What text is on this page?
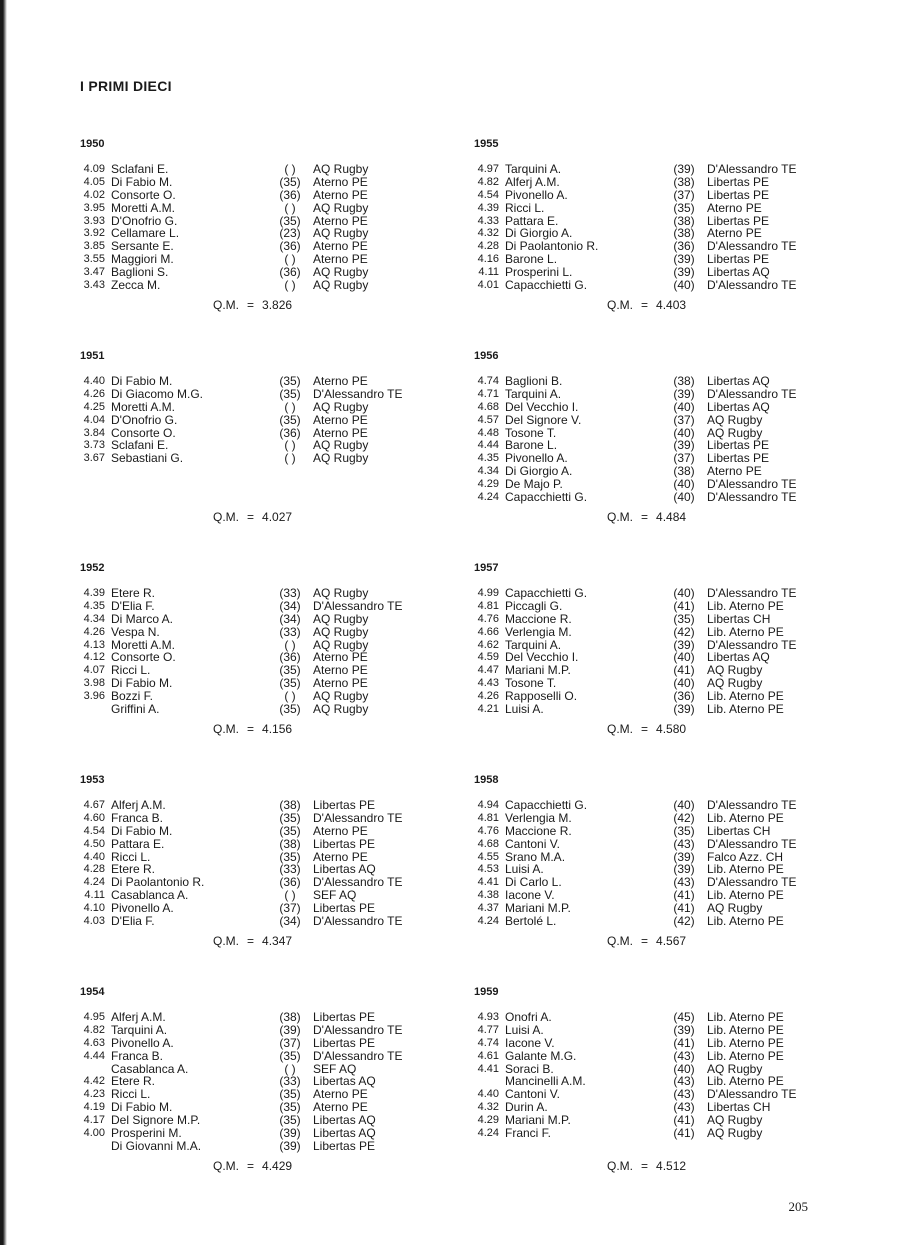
I PRIMI DIECI
1950
4.09 Sclafani E.	( )	AQ Rugby
4.05 Di Fabio M.	(35)	Aterno PE
4.02 Consorte O.	(36)	Aterno PE
3.95 Moretti A.M.	( )	AQ Rugby
3.93 D'Onofrio G.	(35)	Aterno PE
3.92 Cellamare L.	(23)	AQ Rugby
3.85 Sersante E.	(36)	Aterno PE
3.55 Maggiori M.	( )	Aterno PE
3.47 Baglioni S.	(36)	AQ Rugby
3.43 Zecca M.	( )	AQ Rugby
Q.M. = 3.826
1955
4.97 Tarquini A.	(39)	D'Alessandro TE
4.82 Alferj A.M.	(38)	Libertas PE
4.54 Pivonello A.	(37)	Libertas PE
4.39 Ricci L.	(35)	Aterno PE
4.33 Pattara E.	(38)	Libertas PE
4.32 Di Giorgio A.	(38)	Aterno PE
4.28 Di Paolantonio R.	(36)	D'Alessandro TE
4.16 Barone L.	(39)	Libertas PE
4.11 Prosperini L.	(39)	Libertas AQ
4.01 Capacchietti G.	(40)	D'Alessandro TE
Q.M. = 4.403
1951
4.40 Di Fabio M.	(35)	Aterno PE
4.26 Di Giacomo M.G.	(35)	D'Alessandro TE
4.25 Moretti A.M.	( )	AQ Rugby
4.04 D'Onofrio G.	(35)	Aterno PE
3.84 Consorte O.	(36)	Aterno PE
3.73 Sclafani E.	( )	AQ Rugby
3.67 Sebastiani G.	( )	AQ Rugby
Q.M. = 4.027
1956
4.74 Baglioni B.	(38)	Libertas AQ
4.71 Tarquini A.	(39)	D'Alessandro TE
4.68 Del Vecchio I.	(40)	Libertas AQ
4.57 Del Signore V.	(37)	AQ Rugby
4.48 Tosone T.	(40)	AQ Rugby
4.44 Barone L.	(39)	Libertas PE
4.35 Pivonello A.	(37)	Libertas PE
4.34 Di Giorgio A.	(38)	Aterno PE
4.29 De Majo P.	(40)	D'Alessandro TE
4.24 Capacchietti G.	(40)	D'Alessandro TE
Q.M. = 4.484
1952
4.39 Etere R.	(33)	AQ Rugby
4.35 D'Elia F.	(34)	D'Alessandro TE
4.34 Di Marco A.	(34)	AQ Rugby
4.26 Vespa N.	(33)	AQ Rugby
4.13 Moretti A.M.	( )	AQ Rugby
4.12 Consorte O.	(36)	Aterno PE
4.07 Ricci L.	(35)	Aterno PE
3.98 Di Fabio M.	(35)	Aterno PE
3.96 Bozzi F.	( )	AQ Rugby
Griffini A.	(35)	AQ Rugby
Q.M. = 4.156
1957
4.99 Capacchietti G.	(40)	D'Alessandro TE
4.81 Piccagli G.	(41)	Lib. Aterno PE
4.76 Maccione R.	(35)	Libertas CH
4.66 Verlengia M.	(42)	Lib. Aterno PE
4.62 Tarquini A.	(39)	D'Alessandro TE
4.59 Del Vecchio I.	(40)	Libertas AQ
4.47 Mariani M.P.	(41)	AQ Rugby
4.43 Tosone T.	(40)	AQ Rugby
4.26 Rapposelli O.	(36)	Lib. Aterno PE
4.21 Luisi A.	(39)	Lib. Aterno PE
Q.M. = 4.580
1953
4.67 Alferj A.M.	(38)	Libertas PE
4.60 Franca B.	(35)	D'Alessandro TE
4.54 Di Fabio M.	(35)	Aterno PE
4.50 Pattara E.	(38)	Libertas PE
4.40 Ricci L.	(35)	Aterno PE
4.28 Etere R.	(33)	Libertas AQ
4.24 Di Paolantonio R.	(36)	D'Alessandro TE
4.11 Casablanca A.	( )	SEF AQ
4.10 Pivonello A.	(37)	Libertas PE
4.03 D'Elia F.	(34)	D'Alessandro TE
Q.M. = 4.347
1958
4.94 Capacchietti G.	(40)	D'Alessandro TE
4.81 Verlengia M.	(42)	Lib. Aterno PE
4.76 Maccione R.	(35)	Libertas CH
4.68 Cantoni V.	(43)	D'Alessandro TE
4.55 Srano M.A.	(39)	Falco Azz. CH
4.53 Luisi A.	(39)	Lib. Aterno PE
4.41 Di Carlo L.	(43)	D'Alessandro TE
4.38 Iacone V.	(41)	Lib. Aterno PE
4.37 Mariani M.P.	(41)	AQ Rugby
4.24 Bertolé L.	(42)	Lib. Aterno PE
Q.M. = 4.567
1954
4.95 Alferj A.M.	(38)	Libertas PE
4.82 Tarquini A.	(39)	D'Alessandro TE
4.63 Pivonello A.	(37)	Libertas PE
4.44 Franca B.	(35)	D'Alessandro TE
Casablanca A.	( )	SEF AQ
4.42 Etere R.	(33)	Libertas AQ
4.23 Ricci L.	(35)	Aterno PE
4.19 Di Fabio M.	(35)	Aterno PE
4.17 Del Signore M.P.	(35)	Libertas AQ
4.00 Prosperini M.	(39)	Libertas AQ
Di Giovanni M.A.	(39)	Libertas PE
Q.M. = 4.429
1959
4.93 Onofri A.	(45)	Lib. Aterno PE
4.77 Luisi A.	(39)	Lib. Aterno PE
4.74 Iacone V.	(41)	Lib. Aterno PE
4.61 Galante M.G.	(43)	Lib. Aterno PE
4.41 Soraci B.	(40)	AQ Rugby
Mancinelli A.M.	(43)	Lib. Aterno PE
4.40 Cantoni V.	(43)	D'Alessandro TE
4.32 Durin A.	(43)	Libertas CH
4.29 Mariani M.P.	(41)	AQ Rugby
4.24 Franci F.	(41)	AQ Rugby
Q.M. = 4.512
205
